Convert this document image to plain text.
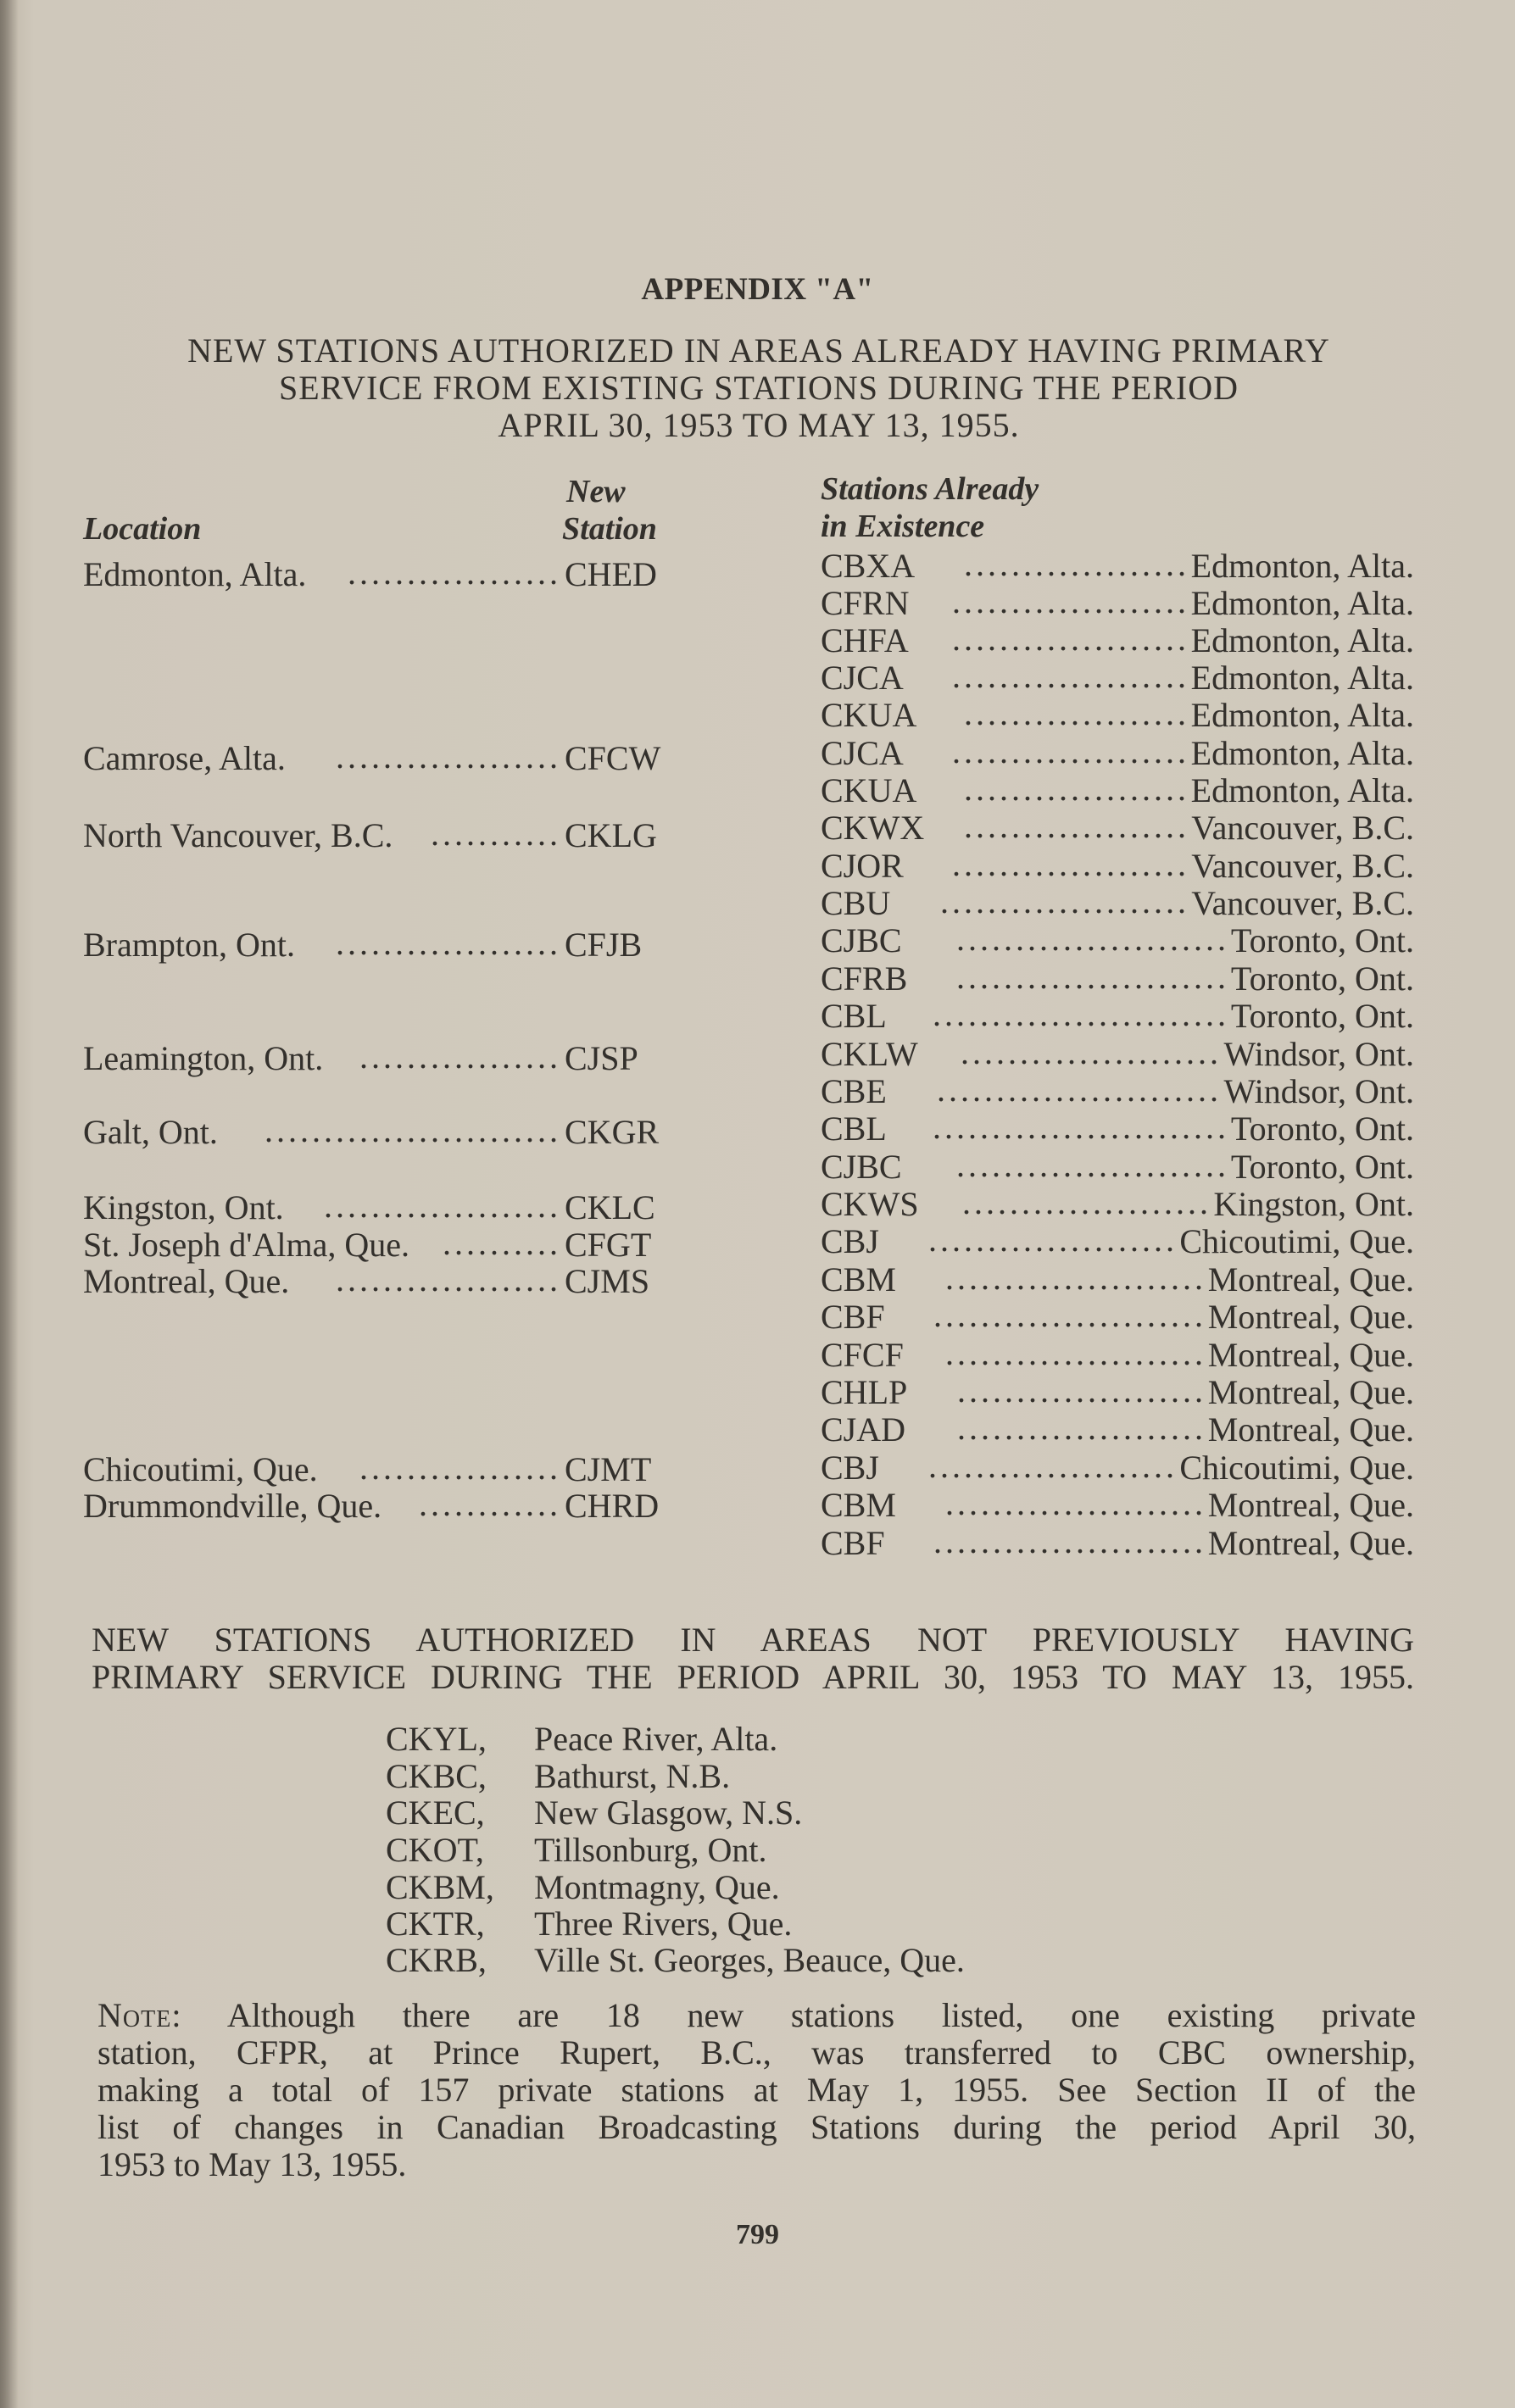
APPENDIX "A"
NEW STATIONS AUTHORIZED IN AREAS ALREADY HAVING PRIMARY
SERVICE FROM EXISTING STATIONS DURING THE PERIOD
APRIL 30, 1953 TO MAY 13, 1955.
Location
New
Station
Stations Already
in Existence
Edmonton, Alta.	CHED
..................
Camrose, Alta.	CFCW
...................
North Vancouver, B.C.	CKLG
...........
Brampton, Ont.	CFJB
...................
Leamington, Ont.	CJSP
.................
Galt, Ont.	CKGR
.........................
Kingston, Ont.	CKLC
....................
St. Joseph d'Alma, Que.	CFGT
..........
Montreal, Que.	CJMS
...................
Chicoutimi, Que.	CJMT
.................
Drummondville, Que.	CHRD
............
CBXA	Edmonton, Alta.
...................
CFRN	Edmonton, Alta.
....................
CHFA	Edmonton, Alta.
....................
CJCA	Edmonton, Alta.
....................
CKUA	Edmonton, Alta.
...................
CJCA	Edmonton, Alta.
....................
CKUA	Edmonton, Alta.
...................
CKWX	Vancouver, B.C.
...................
CJOR	Vancouver, B.C.
....................
CBU	Vancouver, B.C.
.....................
CJBC	Toronto, Ont.
.......................
CFRB	Toronto, Ont.
.......................
CBL	Toronto, Ont.
.........................
CKLW	Windsor, Ont.
......................
CBE	Windsor, Ont.
........................
CBL	Toronto, Ont.
.........................
CJBC	Toronto, Ont.
.......................
CKWS	Kingston, Ont.
.....................
CBJ	Chicoutimi, Que.
.....................
CBM	Montreal, Que.
......................
CBF	Montreal, Que.
.......................
CFCF	Montreal, Que.
......................
CHLP	Montreal, Que.
.....................
CJAD	Montreal, Que.
.....................
CBJ	Chicoutimi, Que.
.....................
CBM	Montreal, Que.
......................
CBF	Montreal, Que.
.......................
NEW STATIONS AUTHORIZED IN AREAS NOT PREVIOUSLY HAVING
PRIMARY SERVICE DURING THE PERIOD APRIL 30, 1953 TO MAY 13, 1955.
CKYL, Peace River, Alta.
CKBC, Bathurst, N.B.
CKEC, New Glasgow, N.S.
CKOT, Tillsonburg, Ont.
CKBM, Montmagny, Que.
CKTR, Three Rivers, Que.
CKRB, Ville St. Georges, Beauce, Que.
Note: Although there are 18 new stations listed, one existing private
station, CFPR, at Prince Rupert, B.C., was transferred to CBC ownership,
making a total of 157 private stations at May 1, 1955. See Section II of the
list of changes in Canadian Broadcasting Stations during the period April 30,
1953 to May 13, 1955.
799
